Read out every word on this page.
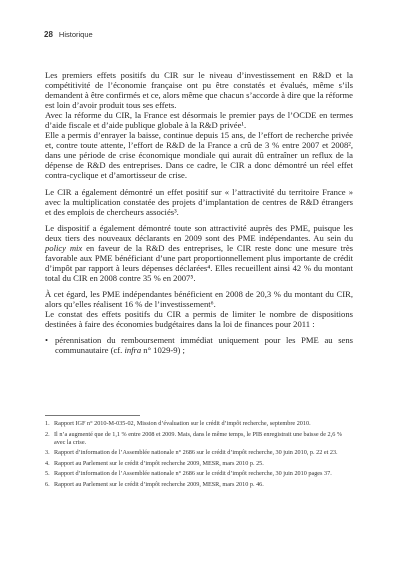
28 Historique

Les premiers effets positifs du CIR sur le niveau d’investissement en R&D et la compétitivité de l’économie française ont pu être constatés et évalués, même s’ils demandent à être confirmés et ce, alors même que chacun s’accorde à dire que la réforme est loin d’avoir produit tous ses effets.

Avec la réforme du CIR, la France est désormais le premier pays de l’OCDE en termes d’aide fiscale et d’aide publique globale à la R&D privée¹.

Elle a permis d’enrayer la baisse, continue depuis 15 ans, de l’effort de recherche privée et, contre toute attente, l’effort de R&D de la France a crû de 3 % entre 2007 et 2008², dans une période de crise économique mondiale qui aurait dû entraîner un reflux de la dépense de R&D des entreprises. Dans ce cadre, le CIR a donc démontré un réel effet contra-cyclique et d’amortisseur de crise.

Le CIR a également démontré un effet positif sur « l’attractivité du territoire France » avec la multiplication constatée des projets d’implantation de centres de R&D étrangers et des emplois de chercheurs associés³.

Le dispositif a également démontré toute son attractivité auprès des PME, puisque les deux tiers des nouveaux déclarants en 2009 sont des PME indépendantes. Au sein du policy mix en faveur de la R&D des entreprises, le CIR reste donc une mesure très favorable aux PME bénéficiant d’une part proportionnellement plus importante de crédit d’impôt par rapport à leurs dépenses déclarées⁴. Elles recueillent ainsi 42 % du montant total du CIR en 2008 contre 35 % en 2007⁵.

À cet égard, les PME indépendantes bénéficient en 2008 de 20,3 % du montant du CIR, alors qu’elles réalisent 16 % de l’investissement⁶.

Le constat des effets positifs du CIR a permis de limiter le nombre de dispositions destinées à faire des économies budgétaires dans la loi de finances pour 2011 :

• pérennisation du remboursement immédiat uniquement pour les PME au sens communautaire (cf. infra n° 1029-9) ;
1. Rapport IGF n° 2010-M-035-02, Mission d’évaluation sur le crédit d’impôt recherche, septembre 2010.
2. Il n’a augmenté que de 1,1 % entre 2008 et 2009. Mais, dans le même temps, le PIB enregistrait une baisse de 2,6 % avec la crise.
3. Rapport d’information de l’Assemblée nationale n° 2686 sur le crédit d’impôt recherche, 30 juin 2010, p. 22 et 23.
4. Rapport au Parlement sur le crédit d’impôt recherche 2009, MESR, mars 2010 p. 25.
5. Rapport d’information de l’Assemblée nationale n° 2686 sur le crédit d’impôt recherche, 30 juin 2010 pages 37.
6. Rapport au Parlement sur le crédit d’impôt recherche 2009, MESR, mars 2010 p. 46.
